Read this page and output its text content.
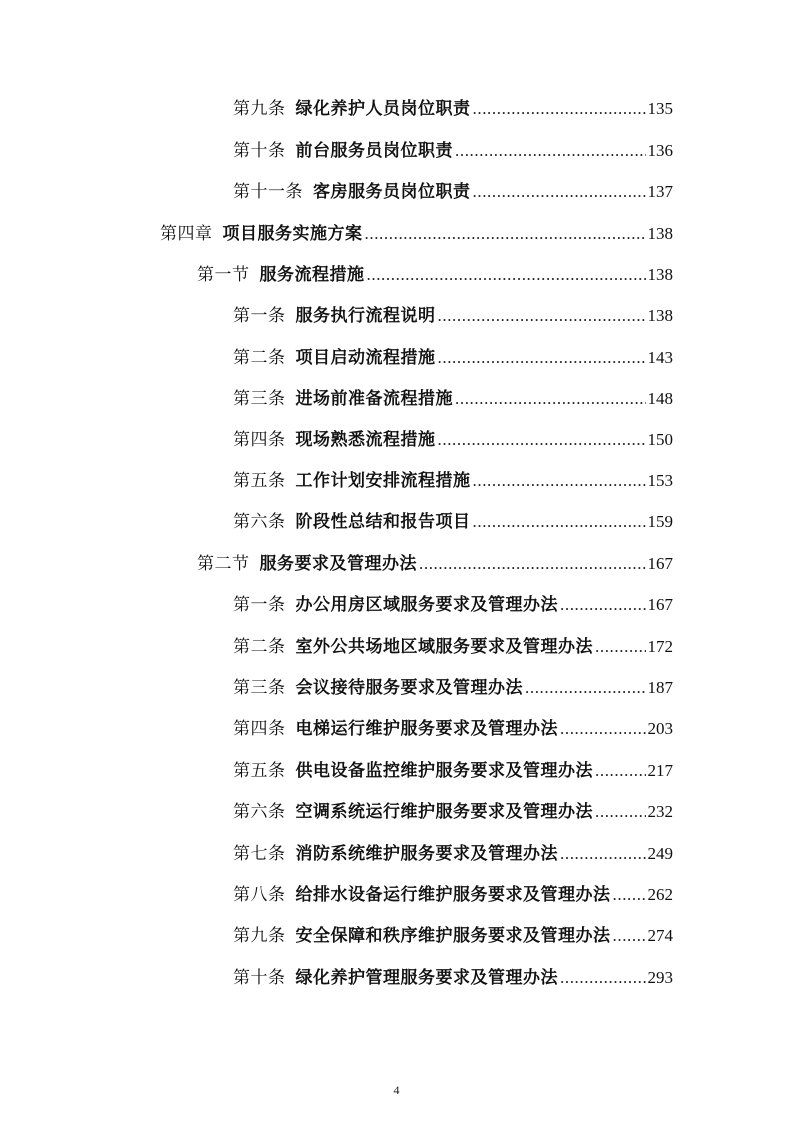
第九条 绿化养护人员岗位职责 .....	135
第十条 前台服务员岗位职责 .....	136
第十一条 客房服务员岗位职责 .....	137
第四章 项目服务实施方案 .....	138
第一节 服务流程措施 .....	138
第一条 服务执行流程说明 .....	138
第二条 项目启动流程措施 .....	143
第三条 进场前准备流程措施 .....	148
第四条 现场熟悉流程措施 .....	150
第五条 工作计划安排流程措施 .....	153
第六条 阶段性总结和报告项目 .....	159
第二节 服务要求及管理办法 .....	167
第一条 办公用房区域服务要求及管理办法 .....	167
第二条 室外公共场地区域服务要求及管理办法 .....	172
第三条 会议接待服务要求及管理办法 .....	187
第四条 电梯运行维护服务要求及管理办法 .....	203
第五条 供电设备监控维护服务要求及管理办法 .....	217
第六条 空调系统运行维护服务要求及管理办法 .....	232
第七条 消防系统维护服务要求及管理办法 .....	249
第八条 给排水设备运行维护服务要求及管理办法 ..... 262
第九条 安全保障和秩序维护服务要求及管理办法 ..... 274
第十条 绿化养护管理服务要求及管理办法 .....	293
4
